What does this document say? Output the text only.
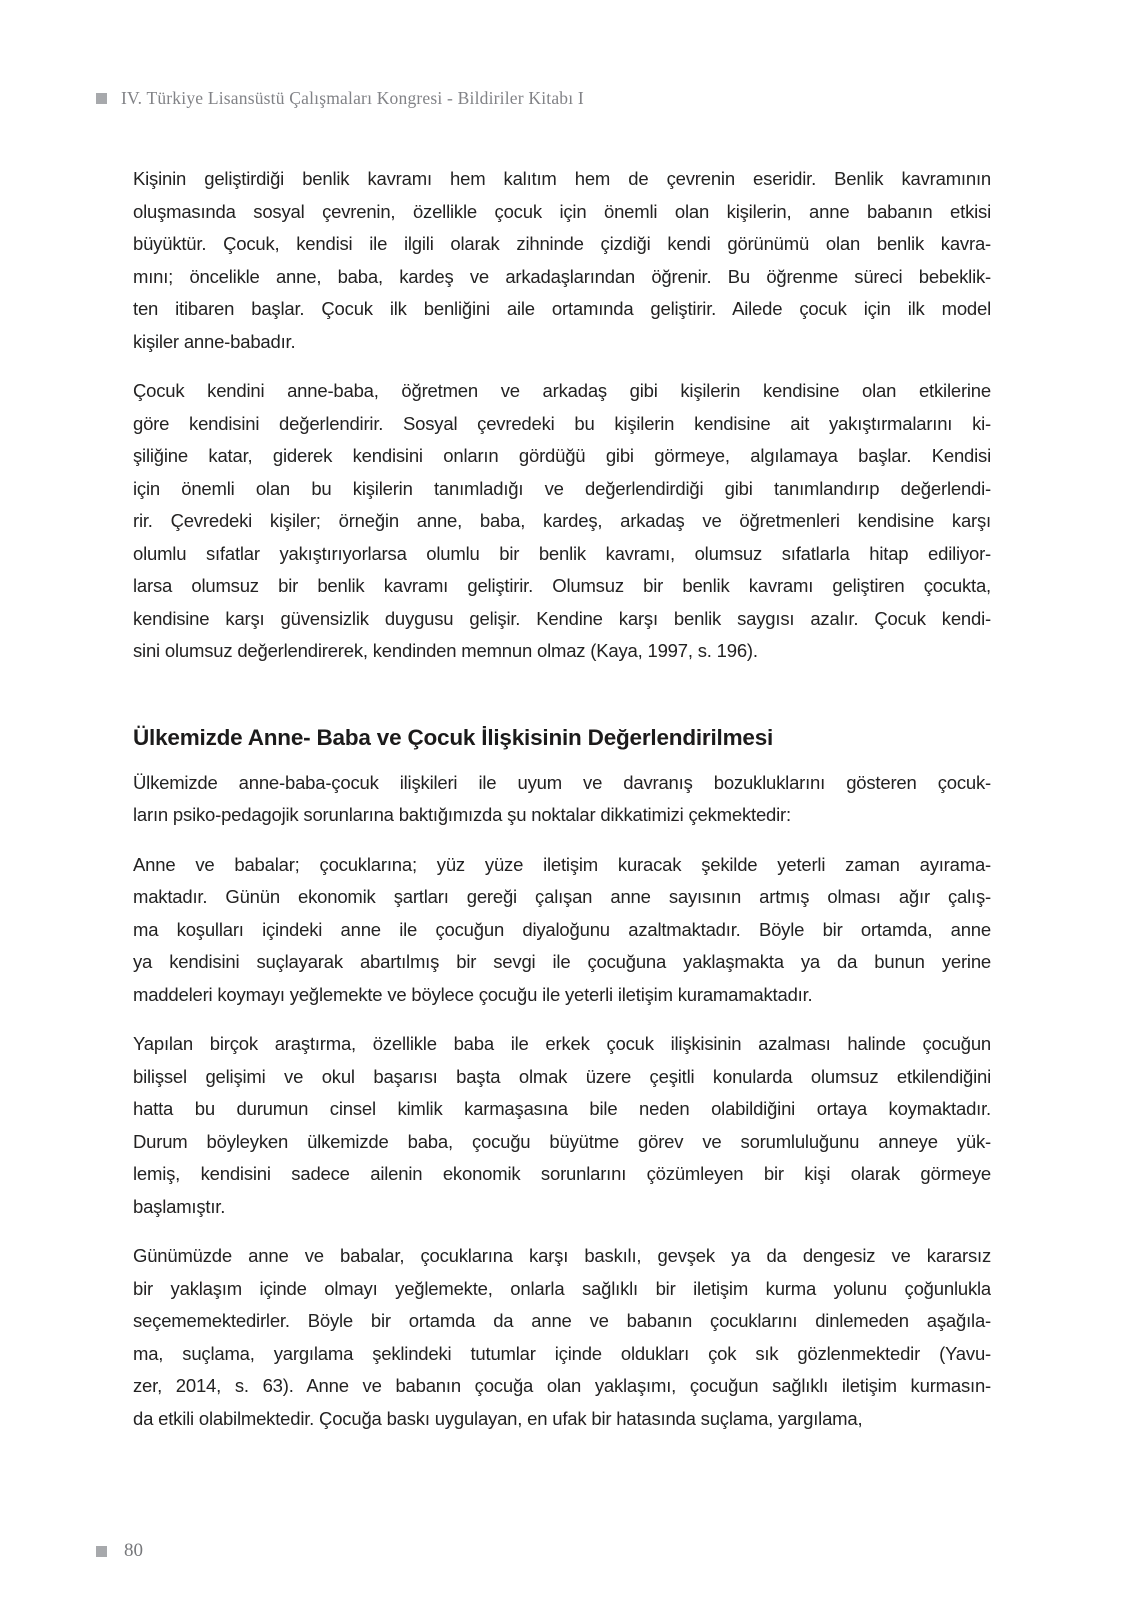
IV. Türkiye Lisansüstü Çalışmaları Kongresi - Bildiriler Kitabı I
Kişinin geliştirdiği benlik kavramı hem kalıtım hem de çevrenin eseridir. Benlik kavramının
oluşmasında sosyal çevrenin, özellikle çocuk için önemli olan kişilerin, anne babanın etkisi
büyüktür. Çocuk, kendisi ile ilgili olarak zihninde çizdiği kendi görünümü olan benlik kavra-
mını; öncelikle anne, baba, kardeş ve arkadaşlarından öğrenir. Bu öğrenme süreci bebeklik-
ten itibaren başlar. Çocuk ilk benliğini aile ortamında geliştirir. Ailede çocuk için ilk model
kişiler anne-babadır.
Çocuk kendini anne-baba, öğretmen ve arkadaş gibi kişilerin kendisine olan etkilerine
göre kendisini değerlendirir. Sosyal çevredeki bu kişilerin kendisine ait yakıştırmalarını ki-
şiliğine katar, giderek kendisini onların gördüğü gibi görmeye, algılamaya başlar. Kendisi
için önemli olan bu kişilerin tanımladığı ve değerlendirdiği gibi tanımlandırıp değerlendi-
rir. Çevredeki kişiler; örneğin anne, baba, kardeş, arkadaş ve öğretmenleri kendisine karşı
olumlu sıfatlar yakıştırıyorlarsa olumlu bir benlik kavramı, olumsuz sıfatlarla hitap ediliyor-
larsa olumsuz bir benlik kavramı geliştirir. Olumsuz bir benlik kavramı geliştiren çocukta,
kendisine karşı güvensizlik duygusu gelişir. Kendine karşı benlik saygısı azalır. Çocuk kendi-
sini olumsuz değerlendirerek, kendinden memnun olmaz (Kaya, 1997, s. 196).
Ülkemizde Anne- Baba ve Çocuk İlişkisinin Değerlendirilmesi
Ülkemizde anne-baba-çocuk ilişkileri ile uyum ve davranış bozukluklarını gösteren çocuk-
ların psiko-pedagojik sorunlarına baktığımızda şu noktalar dikkatimizi çekmektedir:
Anne ve babalar; çocuklarına; yüz yüze iletişim kuracak şekilde yeterli zaman ayırama-
maktadır. Günün ekonomik şartları gereği çalışan anne sayısının artmış olması ağır çalış-
ma koşulları içindeki anne ile çocuğun diyaloğunu azaltmaktadır. Böyle bir ortamda, anne
ya kendisini suçlayarak abartılmış bir sevgi ile çocuğuna yaklaşmakta ya da bunun yerine
maddeleri koymayı yeğlemekte ve böylece çocuğu ile yeterli iletişim kuramamaktadır.
Yapılan birçok araştırma, özellikle baba ile erkek çocuk ilişkisinin azalması halinde çocuğun
bilişsel gelişimi ve okul başarısı başta olmak üzere çeşitli konularda olumsuz etkilendiğini
hatta bu durumun cinsel kimlik karmaşasına bile neden olabildiğini ortaya koymaktadır.
Durum böyleyken ülkemizde baba, çocuğu büyütme görev ve sorumluluğunu anneye yük-
lemiş, kendisini sadece ailenin ekonomik sorunlarını çözümleyen bir kişi olarak görmeye
başlamıştır.
Günümüzde anne ve babalar, çocuklarına karşı baskılı, gevşek ya da dengesiz ve kararsız
bir yaklaşım içinde olmayı yeğlemekte, onlarla sağlıklı bir iletişim kurma yolunu çoğunlukla
seçememektedirler. Böyle bir ortamda da anne ve babanın çocuklarını dinlemeden aşağıla-
ma, suçlama, yargılama şeklindeki tutumlar içinde oldukları çok sık gözlenmektedir (Yavu-
zer, 2014, s. 63). Anne ve babanın çocuğa olan yaklaşımı, çocuğun sağlıklı iletişim kurmasın-
da etkili olabilmektedir. Çocuğa baskı uygulayan, en ufak bir hatasında suçlama, yargılama,
80
